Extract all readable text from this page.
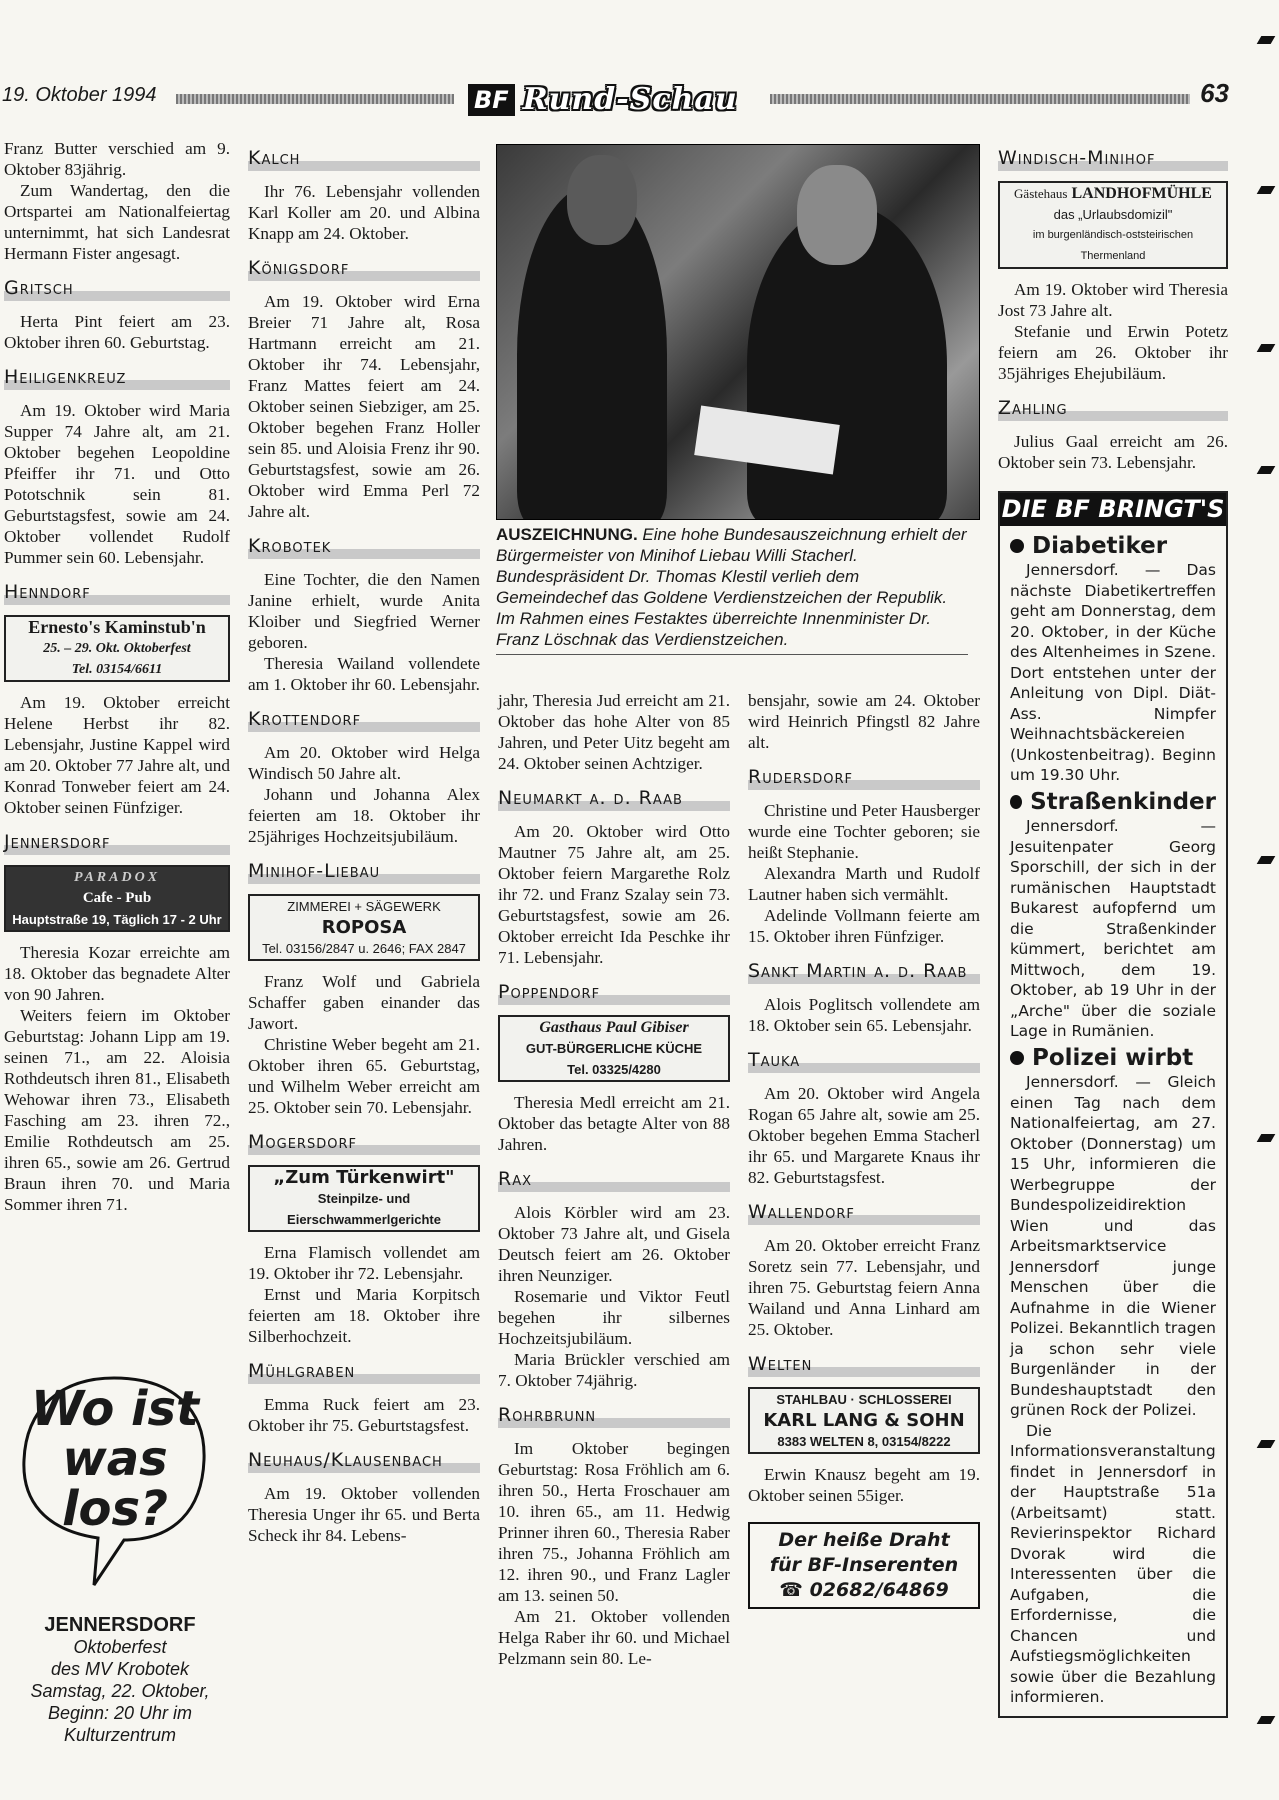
19. Oktober 1994	BF Rund-Schau	63

Franz Butter verschied am 9. Oktober 83jährig.

Zum Wandertag, den die Ortspartei am Nationalfeiertag unternimmt, hat sich Landesrat Hermann Fister angesagt.

Gritsch

Herta Pint feiert am 23. Oktober ihren 60. Geburtstag.

Heiligenkreuz

Am 19. Oktober wird Maria Supper 74 Jahre alt, am 21. Oktober begehen Leopoldine Pfeiffer ihr 71. und Otto Pototschnik sein 81. Geburtstagsfest, sowie am 24. Oktober vollendet Rudolf Pummer sein 60. Lebensjahr.

Henndorf
Ernesto's Kaminstub'n
25. – 29. Okt. Oktoberfest
Tel. 03154/6611

Am 19. Oktober erreicht Helene Herbst ihr 82. Lebensjahr, Justine Kappel wird am 20. Oktober 77 Jahre alt, und Konrad Tonweber feiert am 24. Oktober seinen Fünfziger.

Jennersdorf
PARADOX
Cafe - Pub
Hauptstraße 19, Täglich 17 - 2 Uhr

Theresia Kozar erreichte am 18. Oktober das begnadete Alter von 90 Jahren.

Weiters feiern im Oktober Geburtstag: Johann Lipp am 19. seinen 71., am 22. Aloisia Rothdeutsch ihren 81., Elisabeth Wehowar ihren 73., Elisabeth Fasching am 23. ihren 72., Emilie Rothdeutsch am 25. ihren 65., sowie am 26. Gertrud Braun ihren 70. und Maria Sommer ihren 71.

Wo ist was los?
JENNERSDORF
Oktoberfest
des MV Krobotek
Samstag, 22. Oktober,
Beginn: 20 Uhr im
Kulturzentrum
Kalch

Ihr 76. Lebensjahr vollenden Karl Koller am 20. und Albina Knapp am 24. Oktober.

Königsdorf

Am 19. Oktober wird Erna Breier 71 Jahre alt, Rosa Hartmann erreicht am 21. Oktober ihr 74. Lebensjahr, Franz Mattes feiert am 24. Oktober seinen Siebziger, am 25. Oktober begehen Franz Holler sein 85. und Aloisia Frenz ihr 90. Geburtstagsfest, sowie am 26. Oktober wird Emma Perl 72 Jahre alt.

Krobotek

Eine Tochter, die den Namen Janine erhielt, wurde Anita Kloiber und Siegfried Werner geboren.

Theresia Wailand vollendete am 1. Oktober ihr 60. Lebensjahr.

Krottendorf

Am 20. Oktober wird Helga Windisch 50 Jahre alt.

Johann und Johanna Alex feierten am 18. Oktober ihr 25jähriges Hochzeitsjubiläum.

Minihof-Liebau
ZIMMEREI + SÄGEWERK
ROPOSA
Tel. 03156/2847 u. 2646; FAX 2847

Franz Wolf und Gabriela Schaffer gaben einander das Jawort.

Christine Weber begeht am 21. Oktober ihren 65. Geburtstag, und Wilhelm Weber erreicht am 25. Oktober sein 70. Lebensjahr.

Mogersdorf
„Zum Türkenwirt"
Steinpilze- und
Eierschwammerlgerichte

Erna Flamisch vollendet am 19. Oktober ihr 72. Lebensjahr.

Ernst und Maria Korpitsch feierten am 18. Oktober ihre Silberhochzeit.

Mühlgraben

Emma Ruck feiert am 23. Oktober ihr 75. Geburtstagsfest.

Neuhaus/Klausenbach

Am 19. Oktober vollenden Theresia Unger ihr 65. und Berta Scheck ihr 84. Lebens-

AUSZEICHNUNG. Eine hohe Bundesauszeichnung erhielt der Bürgermeister von Minihof Liebau Willi Stacherl. Bundespräsident Dr. Thomas Klestil verlieh dem Gemeindechef das Goldene Verdienstzeichen der Republik. Im Rahmen eines Festaktes überreichte Innenminister Dr. Franz Löschnak das Verdienstzeichen.

jahr, Theresia Jud erreicht am 21. Oktober das hohe Alter von 85 Jahren, und Peter Uitz begeht am 24. Oktober seinen Achtziger.

Neumarkt a. d. Raab

Am 20. Oktober wird Otto Mautner 75 Jahre alt, am 25. Oktober feiern Margarethe Rolz ihr 72. und Franz Szalay sein 73. Geburtstagsfest, sowie am 26. Oktober erreicht Ida Peschke ihr 71. Lebensjahr.

Poppendorf
Gasthaus Paul Gibiser
GUT-BÜRGERLICHE KÜCHE
Tel. 03325/4280

Theresia Medl erreicht am 21. Oktober das betagte Alter von 88 Jahren.

Rax

Alois Körbler wird am 23. Oktober 73 Jahre alt, und Gisela Deutsch feiert am 26. Oktober ihren Neunziger.

Rosemarie und Viktor Feutl begehen ihr silbernes Hochzeitsjubiläum.

Maria Brückler verschied am 7. Oktober 74jährig.

Rohrbrunn

Im Oktober begingen Geburtstag: Rosa Fröhlich am 6. ihren 50., Herta Froschauer am 10. ihren 65., am 11. Hedwig Prinner ihren 60., Theresia Raber ihren 75., Johanna Fröhlich am 12. ihren 90., und Franz Lagler am 13. seinen 50.

Am 21. Oktober vollenden Helga Raber ihr 60. und Michael Pelzmann sein 80. Le-

bensjahr, sowie am 24. Oktober wird Heinrich Pfingstl 82 Jahre alt.

Rudersdorf

Christine und Peter Hausberger wurde eine Tochter geboren; sie heißt Stephanie.

Alexandra Marth und Rudolf Lautner haben sich vermählt.

Adelinde Vollmann feierte am 15. Oktober ihren Fünfziger.

Sankt Martin a. d. Raab

Alois Poglitsch vollendete am 18. Oktober sein 65. Lebensjahr.

Tauka

Am 20. Oktober wird Angela Rogan 65 Jahre alt, sowie am 25. Oktober begehen Emma Stacherl ihr 65. und Margarete Knaus ihr 82. Geburtstagsfest.

Wallendorf

Am 20. Oktober erreicht Franz Soretz sein 77. Lebensjahr, und ihren 75. Geburtstag feiern Anna Wailand und Anna Linhard am 25. Oktober.

Welten
STAHLBAU · SCHLOSSEREI
KARL LANG & SOHN
8383 WELTEN 8, 03154/8222

Erwin Knausz begeht am 19. Oktober seinen 55iger.

Der heiße Draht
für BF-Inserenten
☎ 02682/64869
Windisch-Minihof
Gästehaus LANDHOFMÜHLE
das „Urlaubsdomizil"
im burgenländisch-oststeirischen Thermenland

Am 19. Oktober wird Theresia Jost 73 Jahre alt.

Stefanie und Erwin Potetz feiern am 26. Oktober ihr 35jähriges Ehejubiläum.

Zahling

Julius Gaal erreicht am 26. Oktober sein 73. Lebensjahr.

DIE BF BRINGT'S
Diabetiker

Jennersdorf. — Das nächste Diabetikertreffen geht am Donnerstag, dem 20. Oktober, in der Küche des Altenheimes in Szene. Dort entstehen unter der Anleitung von Dipl. Diät-Ass. Nimpfer Weihnachtsbäckereien (Unkostenbeitrag). Beginn um 19.30 Uhr.

Straßenkinder

Jennersdorf. — Jesuitenpater Georg Sporschill, der sich in der rumänischen Hauptstadt Bukarest aufopfernd um die Straßenkinder kümmert, berichtet am Mittwoch, dem 19. Oktober, ab 19 Uhr in der „Arche" über die soziale Lage in Rumänien.

Polizei wirbt

Jennersdorf. — Gleich einen Tag nach dem Nationalfeiertag, am 27. Oktober (Donnerstag) um 15 Uhr, informieren die Werbegruppe der Bundespolizeidirektion Wien und das Arbeitsmarktservice Jennersdorf junge Menschen über die Aufnahme in die Wiener Polizei. Bekanntlich tragen ja schon sehr viele Burgenländer in der Bundeshauptstadt den grünen Rock der Polizei.

Die Informationsveranstaltung findet in Jennersdorf in der Hauptstraße 51a (Arbeitsamt) statt. Revierinspektor Richard Dvorak wird die Interessenten über die Aufgaben, die Erfordernisse, die Chancen und Aufstiegsmöglichkeiten sowie über die Bezahlung informieren.
